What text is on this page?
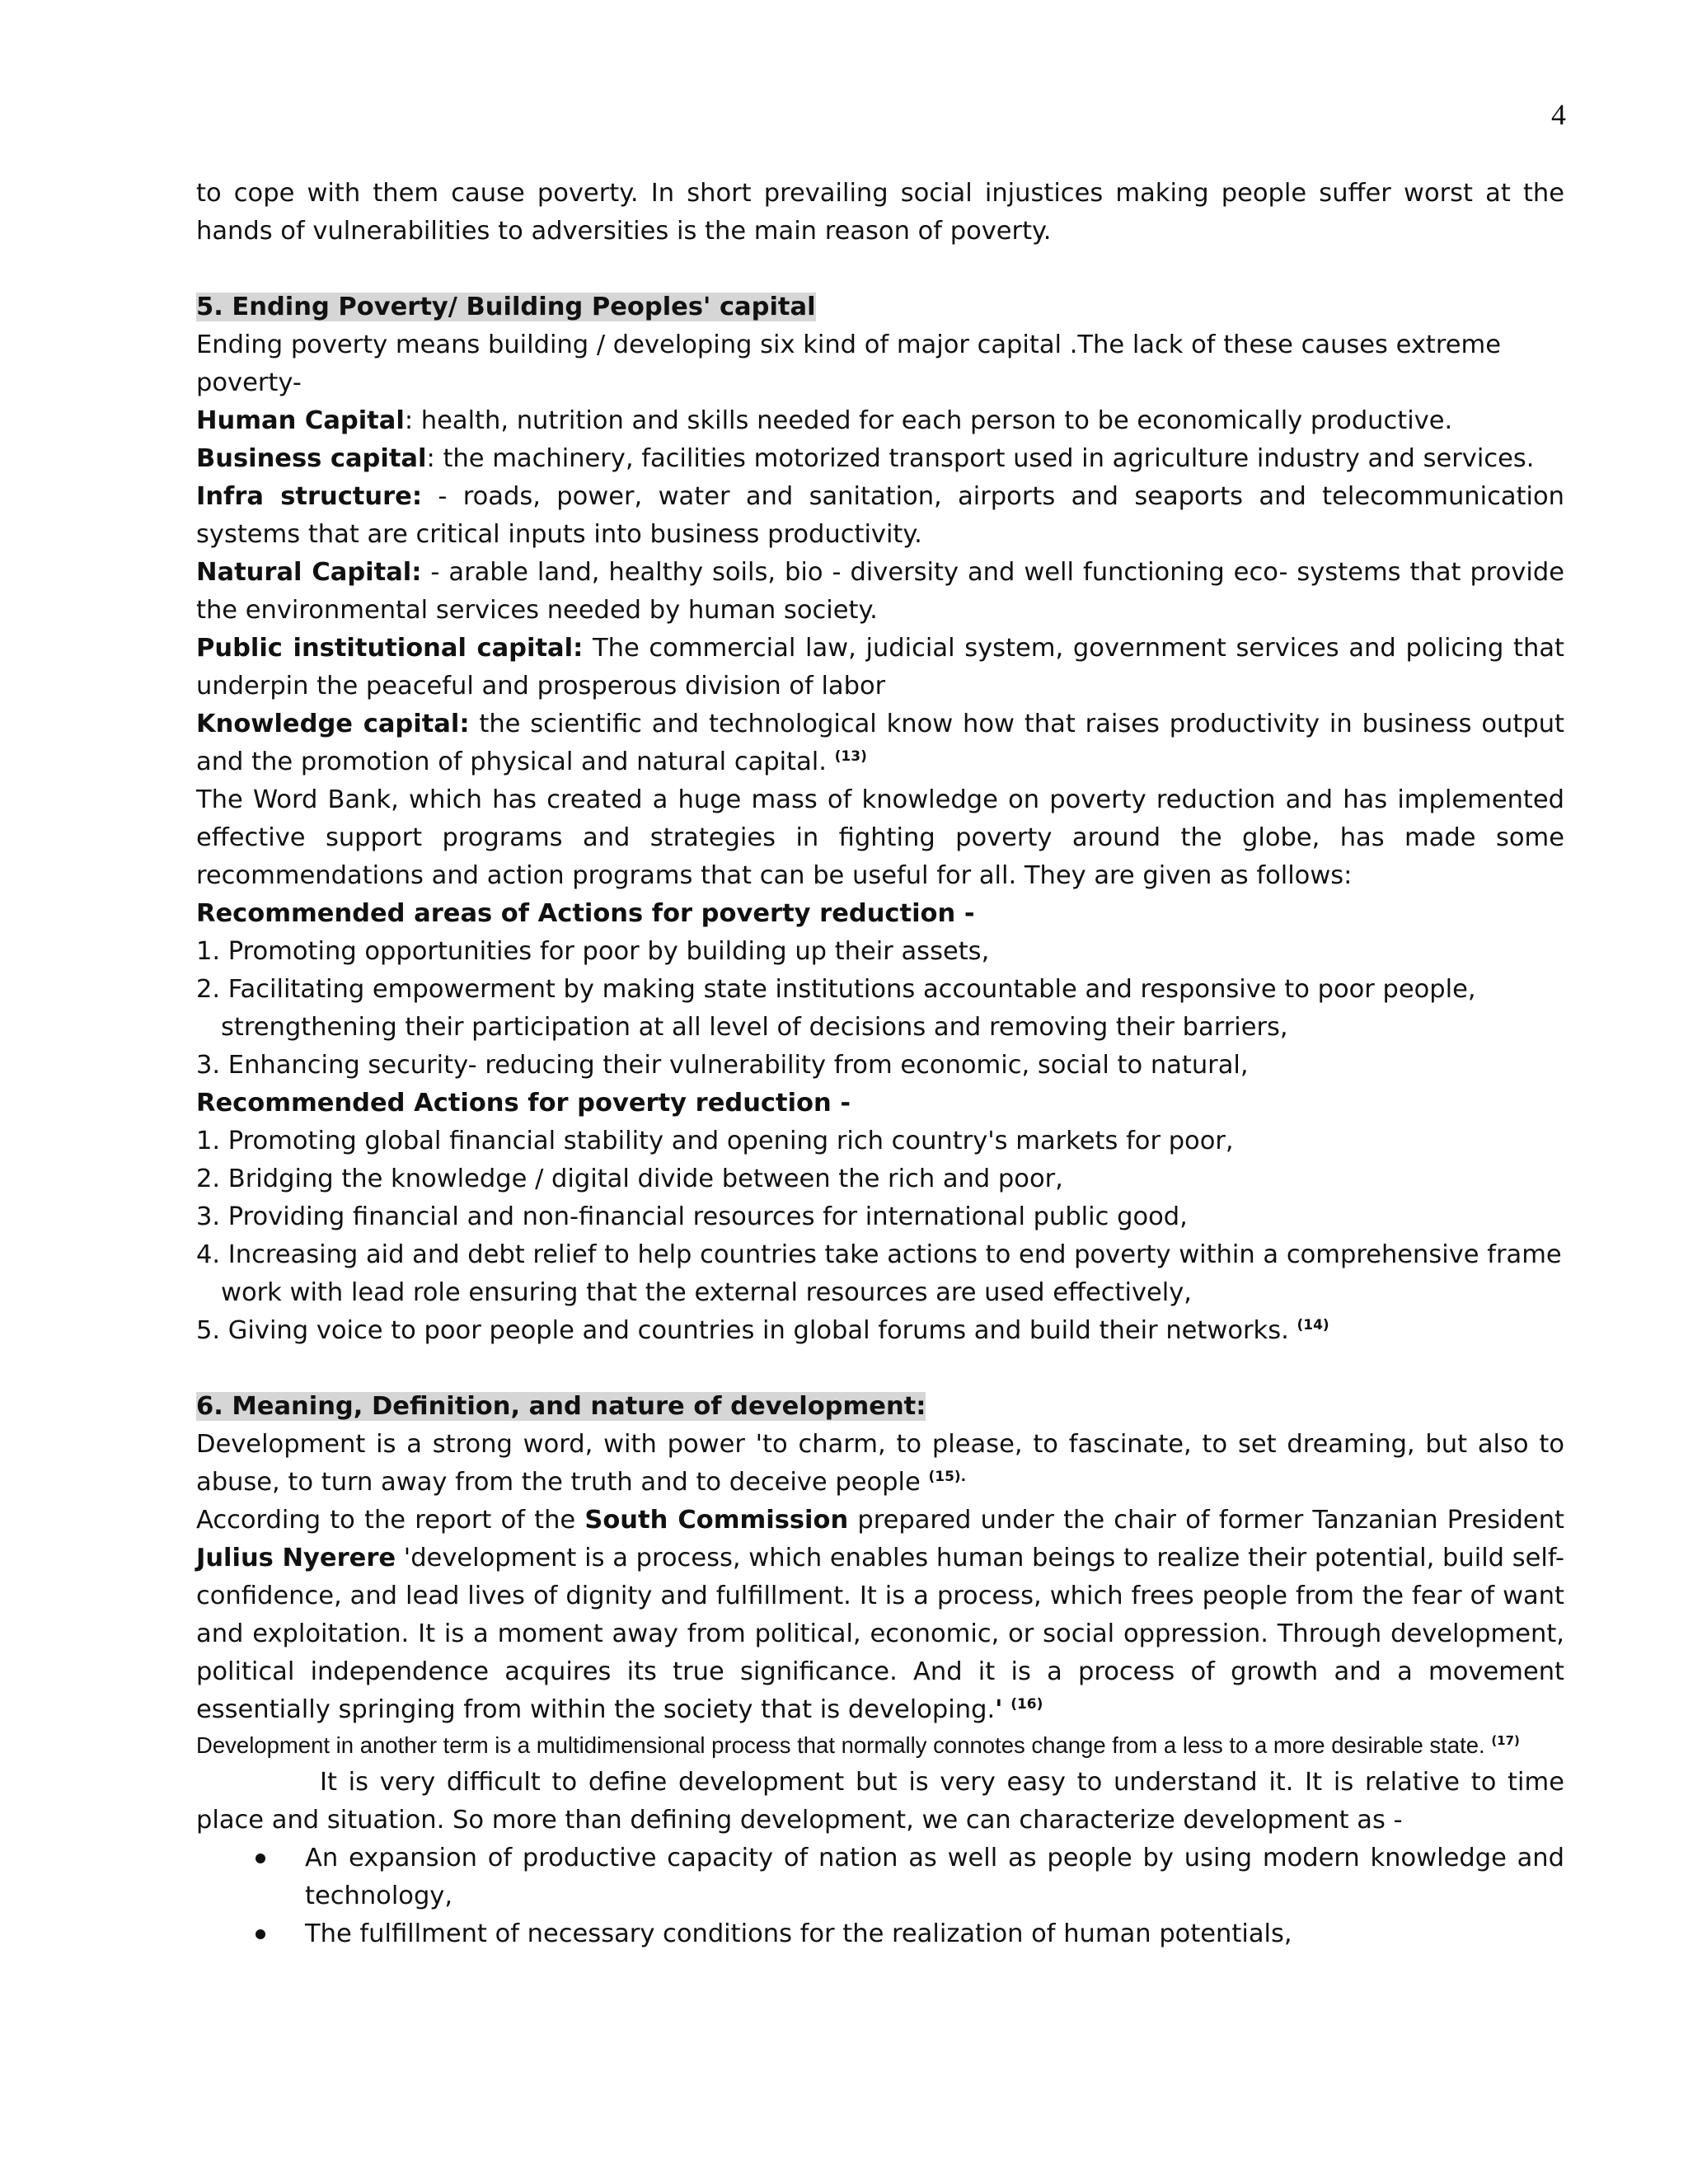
4

to cope with them cause poverty. In short prevailing social injustices making people suffer worst at the hands of vulnerabilities to adversities is the main reason of poverty.

5. Ending Poverty/ Building Peoples' capital

Ending poverty means building / developing six kind of major capital .The lack of these causes extreme poverty-

Human Capital: health, nutrition and skills needed for each person to be economically productive.

Business capital: the machinery, facilities motorized transport used in agriculture industry and services.

Infra structure: - roads, power, water and sanitation, airports and seaports and telecommunication systems that are critical inputs into business productivity.

Natural Capital: - arable land, healthy soils, bio - diversity and well functioning eco- systems that provide the environmental services needed by human society.

Public institutional capital: The commercial law, judicial system, government services and policing that underpin the peaceful and prosperous division of labor

Knowledge capital: the scientific and technological know how that raises productivity in business output and the promotion of physical and natural capital. $^{(13)}$

The Word Bank, which has created a huge mass of knowledge on poverty reduction and has implemented effective support programs and strategies in fighting poverty around the globe, has made some recommendations and action programs that can be useful for all. They are given as follows:

Recommended areas of Actions for poverty reduction -

1. Promoting opportunities for poor by building up their assets,

2. Facilitating empowerment by making state institutions accountable and responsive to poor people, strengthening their participation at all level of decisions and removing their barriers,

3. Enhancing security- reducing their vulnerability from economic, social to natural,

Recommended Actions for poverty reduction -

1. Promoting global financial stability and opening rich country's markets for poor,

2. Bridging the knowledge / digital divide between the rich and poor,

3. Providing financial and non-financial resources for international public good,

4. Increasing aid and debt relief to help countries take actions to end poverty within a comprehensive frame work with lead role ensuring that the external resources are used effectively,

5. Giving voice to poor people and countries in global forums and build their networks. $^{(14)}$

6. Meaning, Definition, and nature of development:

Development is a strong word, with power 'to charm, to please, to fascinate, to set dreaming, but also to abuse, to turn away from the truth and to deceive people $^{(15).}$

According to the report of the South Commission prepared under the chair of former Tanzanian President Julius Nyerere 'development is a process, which enables human beings to realize their potential, build self-confidence, and lead lives of dignity and fulfillment. It is a process, which frees people from the fear of want and exploitation. It is a moment away from political, economic, or social oppression. Through development, political independence acquires its true significance. And it is a process of growth and a movement essentially springing from within the society that is developing.' $^{(16)}$

Development in another term is a multidimensional process that normally connotes change from a less to a more desirable state. $^{(17)}$

It is very difficult to define development but is very easy to understand it. It is relative to time place and situation. So more than defining development, we can characterize development as -

An expansion of productive capacity of nation as well as people by using modern knowledge and technology,
The fulfillment of necessary conditions for the realization of human potentials,
